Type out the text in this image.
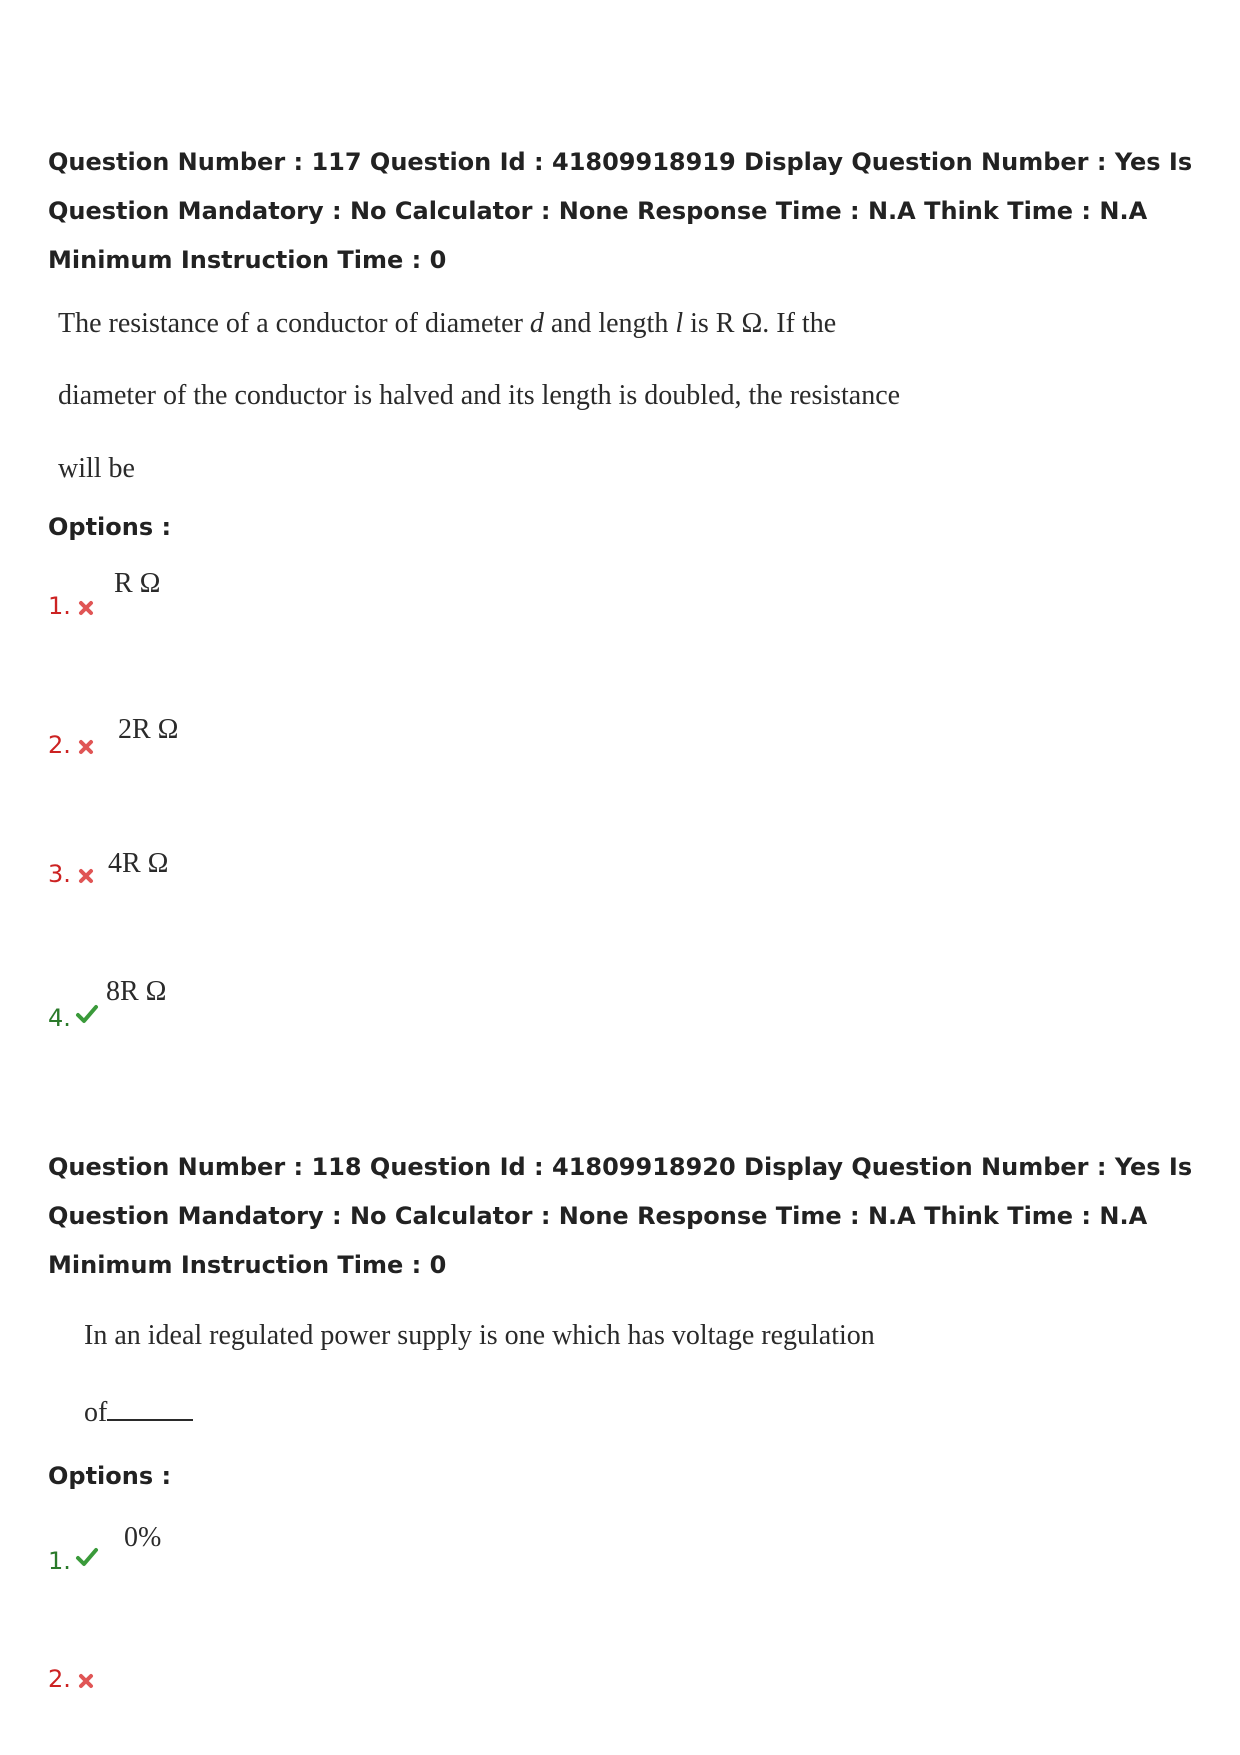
Question Number : 117 Question Id : 41809918919 Display Question Number : Yes Is Question Mandatory : No Calculator : None Response Time : N.A Think Time : N.A Minimum Instruction Time : 0
The resistance of a conductor of diameter d and length l is R Ω. If the
diameter of the conductor is halved and its length is doubled, the resistance
will be
Options :
1.
R Ω
2. 2R Ω
3. 4R Ω
4.
8R Ω
Question Number : 118 Question Id : 41809918920 Display Question Number : Yes Is Question Mandatory : No Calculator : None Response Time : N.A Think Time : N.A Minimum Instruction Time : 0
In an ideal regulated power supply is one which has voltage regulation
of
Options :
1.
0%
2.
